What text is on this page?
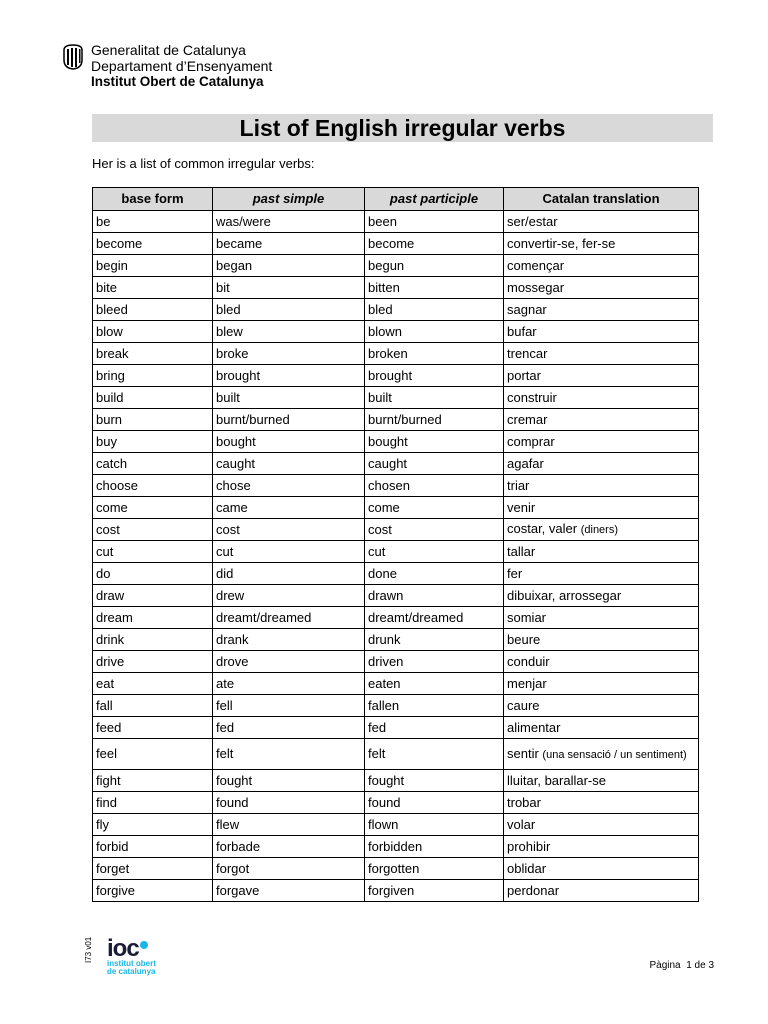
Generalitat de Catalunya
Departament d’Ensenyament
Institut Obert de Catalunya
List of English irregular verbs
Her is a list of common irregular verbs:
base form	past simple	past participle	Catalan translation
be	was/were	been	ser/estar
become	became	become	convertir-se, fer-se
begin	began	begun	començar
bite	bit	bitten	mossegar
bleed	bled	bled	sagnar
blow	blew	blown	bufar
break	broke	broken	trencar
bring	brought	brought	portar
build	built	built	construir
burn	burnt/burned	burnt/burned	cremar
buy	bought	bought	comprar
catch	caught	caught	agafar
choose	chose	chosen	triar
come	came	come	venir
cost	cost	cost	costar, valer (diners)
cut	cut	cut	tallar
do	did	done	fer
draw	drew	drawn	dibuixar, arrossegar
dream	dreamt/dreamed	dreamt/dreamed	somiar
drink	drank	drunk	beure
drive	drove	driven	conduir
eat	ate	eaten	menjar
fall	fell	fallen	caure
feed	fed	fed	alimentar
feel	felt	felt	sentir (una sensació / un sentiment)
fight	fought	fought	lluitar, barallar-se
find	found	found	trobar
fly	flew	flown	volar
forbid	forbade	forbidden	prohibir
forget	forgot	forgotten	oblidar
forgive	forgave	forgiven	perdonar
I73 v01 ioc
institut obert
de catalunya
Pàgina 1 de 3
